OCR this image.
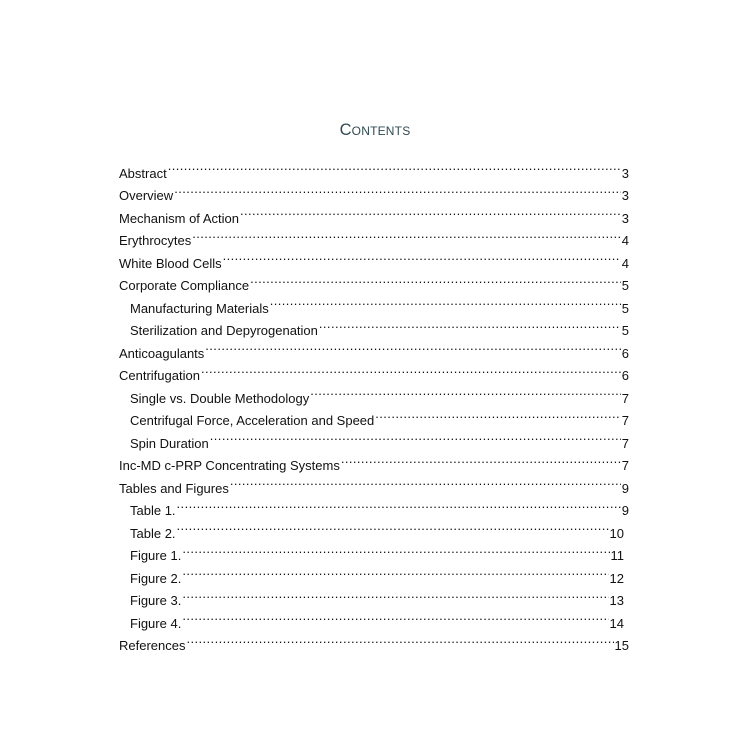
Contents
Abstract .....	3
Overview .....	3
Mechanism of Action .....	3
Erythrocytes .....	4
White Blood Cells .....	4
Corporate Compliance .....	5
Manufacturing Materials .....	5
Sterilization and Depyrogenation .....	5
Anticoagulants .....	6
Centrifugation .....	6
Single vs. Double Methodology .....	7
Centrifugal Force, Acceleration and Speed .....	7
Spin Duration .....	7
Inc-MD c-PRP Concentrating Systems .....	7
Tables and Figures .....	9
Table 1. .....	9
Table 2. .....	10
Figure 1. .....	11
Figure 2. .....	12
Figure 3. .....	13
Figure 4. .....	14
References .....	15
